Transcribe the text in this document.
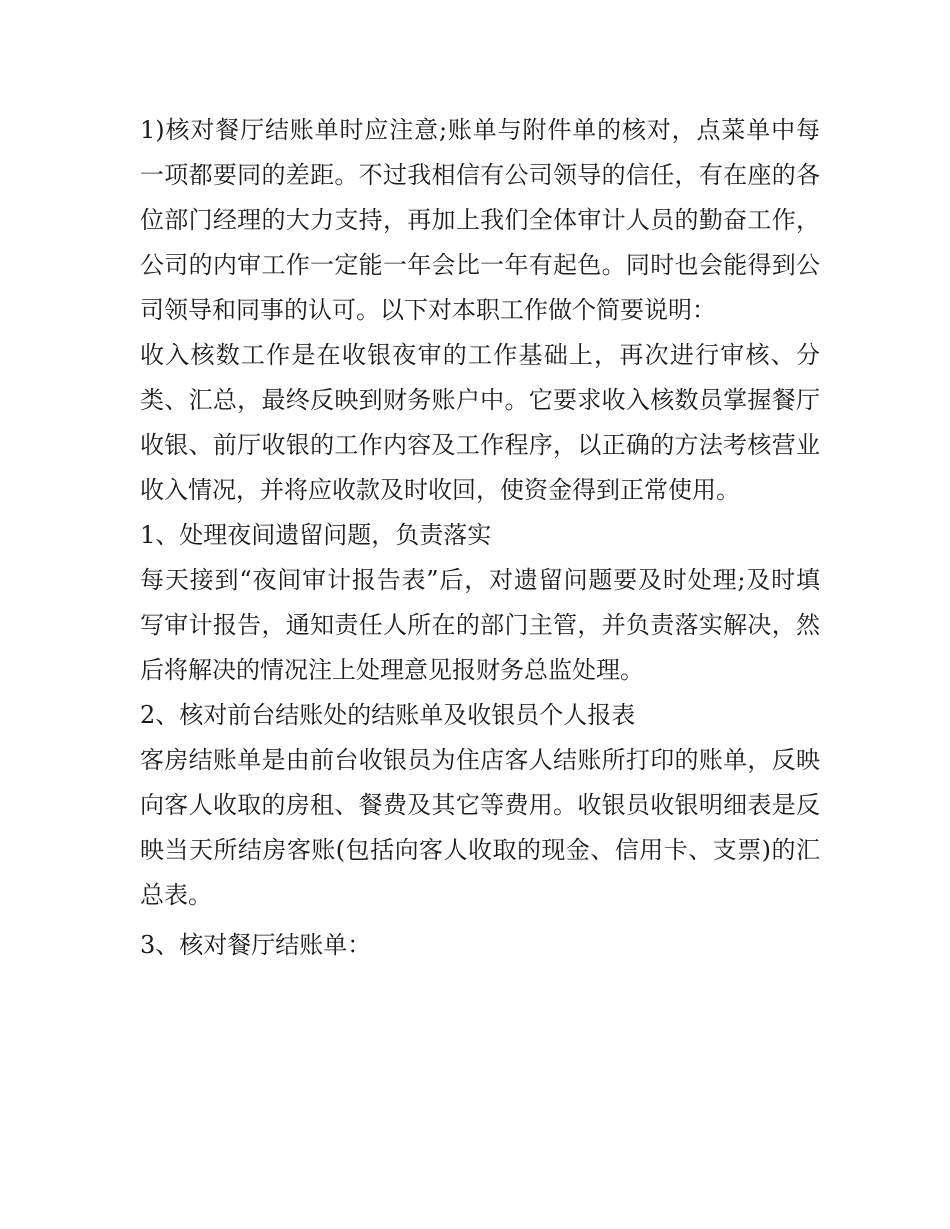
1)核对餐厅结账单时应注意;账单与附件单的核对，点菜单中每一项都要同的差距。不过我相信有公司领导的信任，有在座的各位部门经理的大力支持，再加上我们全体审计人员的勤奋工作，公司的内审工作一定能一年会比一年有起色。同时也会能得到公司领导和同事的认可。以下对本职工作做个简要说明：

收入核数工作是在收银夜审的工作基础上，再次进行审核、分类、汇总，最终反映到财务账户中。它要求收入核数员掌握餐厅收银、前厅收银的工作内容及工作程序，以正确的方法考核营业收入情况，并将应收款及时收回，使资金得到正常使用。

1、处理夜间遗留问题，负责落实

每天接到“夜间审计报告表”后，对遗留问题要及时处理;及时填写审计报告，通知责任人所在的部门主管，并负责落实解决，然后将解决的情况注上处理意见报财务总监处理。

2、核对前台结账处的结账单及收银员个人报表

客房结账单是由前台收银员为住店客人结账所打印的账单，反映向客人收取的房租、餐费及其它等费用。收银员收银明细表是反映当天所结房客账(包括向客人收取的现金、信用卡、支票)的汇总表。

3、核对餐厅结账单：
